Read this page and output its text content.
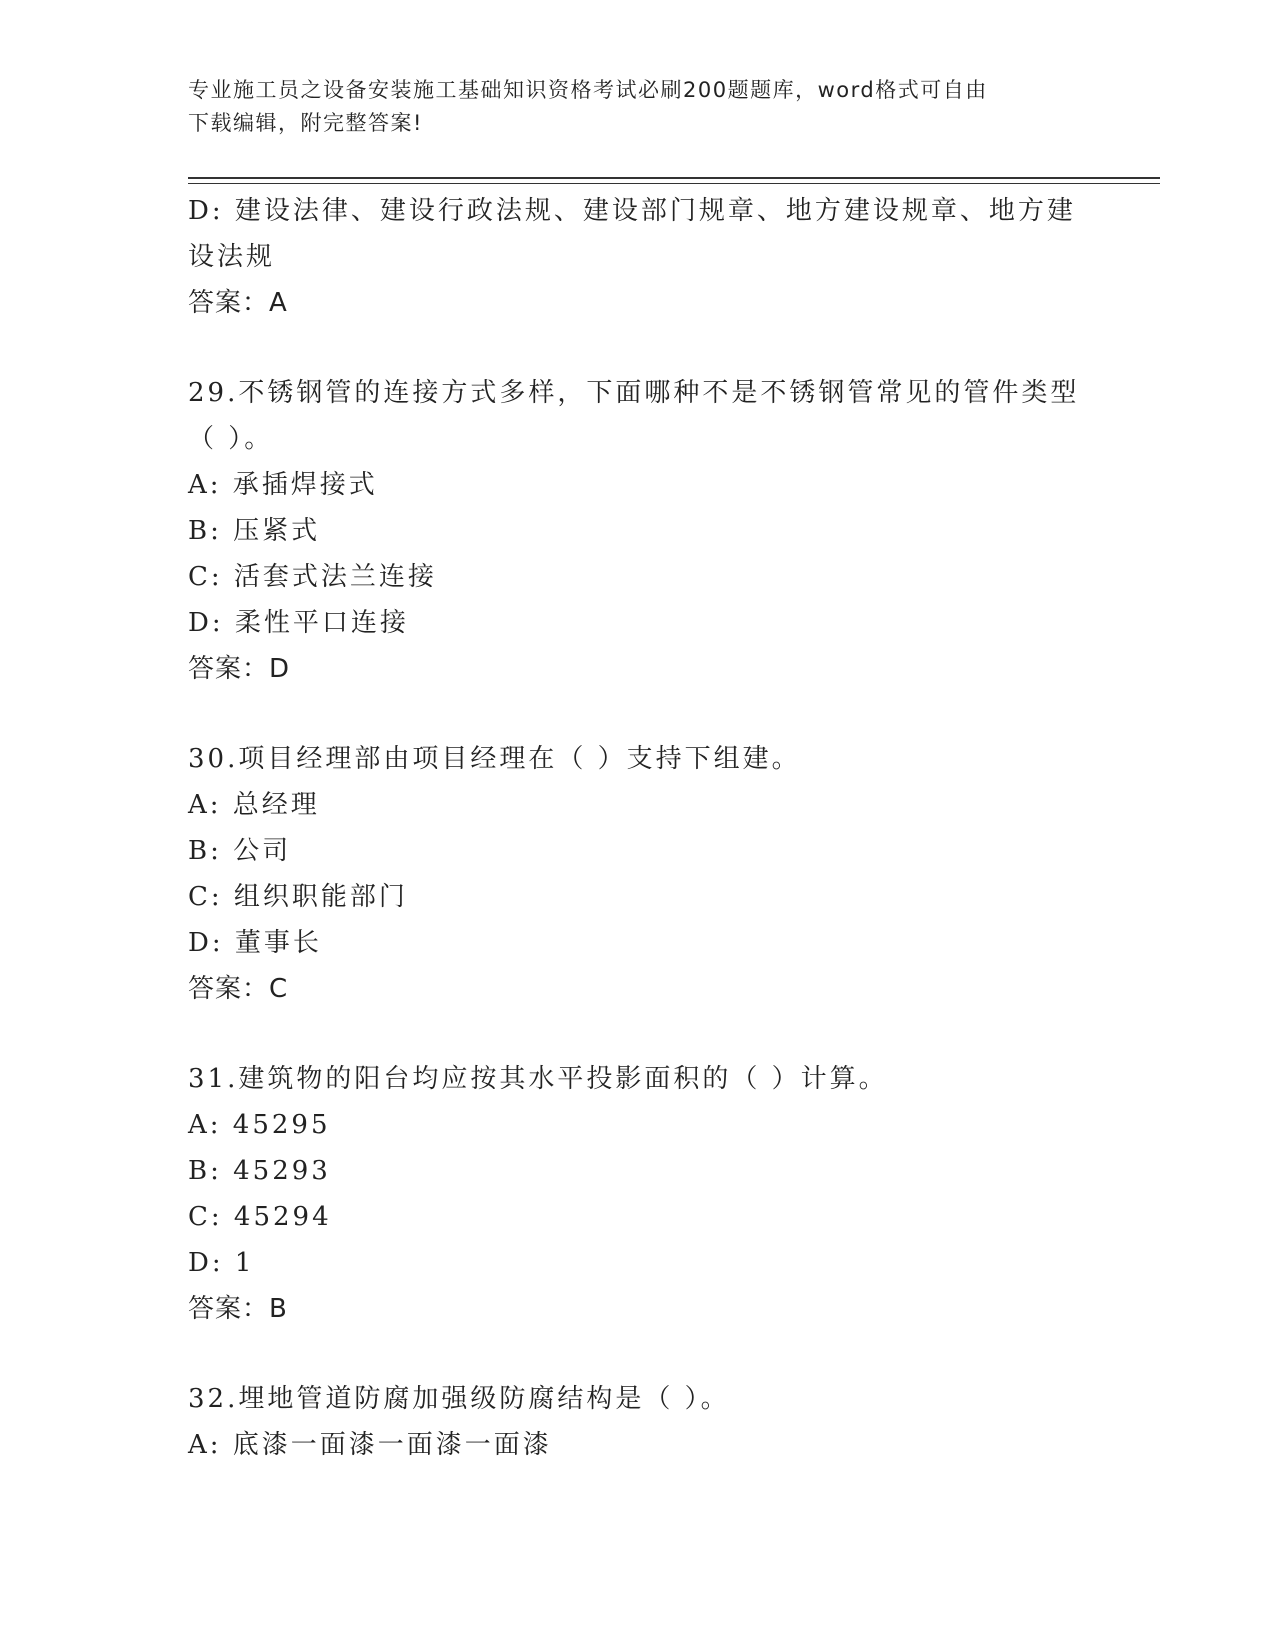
专业施工员之设备安装施工基础知识资格考试必刷200题题库，word格式可自由
下载编辑，附完整答案!
D: 建设法律、建设行政法规、建设部门规章、地方建设规章、地方建
设法规
答案：A
29.不锈钢管的连接方式多样，下面哪种不是不锈钢管常见的管件类型
（ ）。
A: 承插焊接式
B: 压紧式
C: 活套式法兰连接
D: 柔性平口连接
答案：D
30.项目经理部由项目经理在（ ）支持下组建。
A: 总经理
B: 公司
C: 组织职能部门
D: 董事长
答案：C
31.建筑物的阳台均应按其水平投影面积的（ ）计算。
A: 45295
B: 45293
C: 45294
D: 1
答案：B
32.埋地管道防腐加强级防腐结构是（ ）。
A: 底漆一面漆一面漆一面漆
